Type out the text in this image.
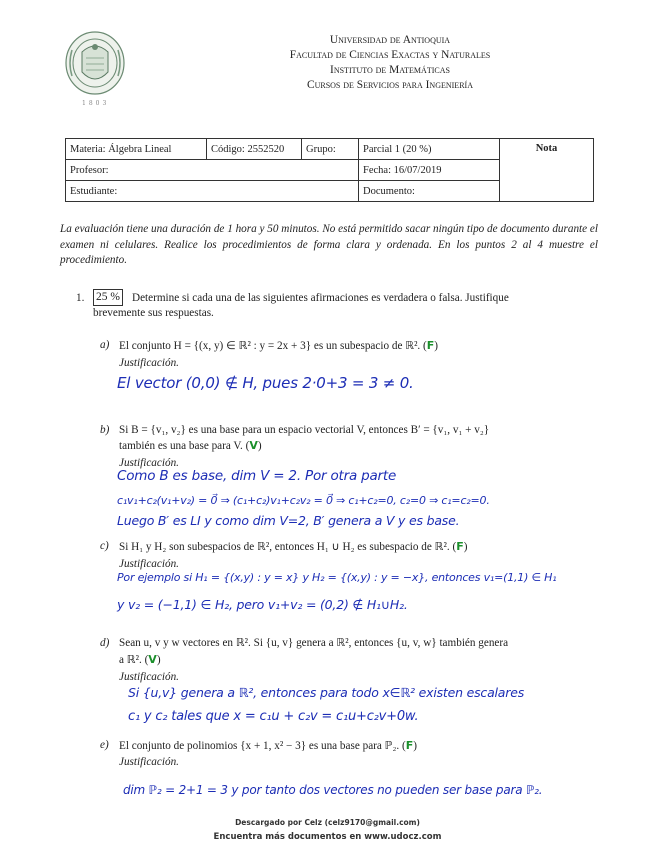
1803
Universidad de Antioquia
Facultad de Ciencias Exactas y Naturales
Instituto de Matemáticas
Cursos de Servicios para Ingeniería
Materia: Álgebra Lineal	Código: 2552520	Grupo:	Parcial 1 (20 %)	Nota
Profesor:			Fecha: 16/07/2019	
Estudiante:			Documento:	
La evaluación tiene una duración de 1 hora y 50 minutos. No está permitido sacar ningún tipo de documento durante el examen ni celulares. Realice los procedimientos de forma clara y ordenada. En los puntos 2 al 4 muestre el procedimiento.
1. 25 % Determine si cada una de las siguientes afirmaciones es verdadera o falsa. Justifique
brevemente sus respuestas.
a) El conjunto H = {(x, y) ∈ ℝ² : y = 2x + 3} es un subespacio de ℝ². (F)
Justificación.
El vector (0,0) ∉ H, pues 2·0+3 = 3 ≠ 0.
b) Si B = {v₁, v₂} es una base para un espacio vectorial V, entonces B′ = {v₁, v₁ + v₂}
también es una base para V. (V)
Justificación.
Como B es base, dim V = 2. Por otra parte
c₁v₁+c₂(v₁+v₂) = 0⃗ ⇒ (c₁+c₂)v₁+c₂v₂ = 0⃗ ⇒ c₁+c₂=0, c₂=0 ⇒ c₁=c₂=0.
Luego B′ es LI y como dim V=2, B′ genera a V y es base.
c) Si H₁ y H₂ son subespacios de ℝ², entonces H₁ ∪ H₂ es subespacio de ℝ². (F)
Justificación.
Por ejemplo si H₁ = {(x,y) : y = x} y H₂ = {(x,y) : y = −x}, entonces v₁=(1,1) ∈ H₁
y v₂ = (−1,1) ∈ H₂, pero v₁+v₂ = (0,2) ∉ H₁∪H₂.
d) Sean u, v y w vectores en ℝ². Si {u, v} genera a ℝ², entonces {u, v, w} también genera
a ℝ². (V)
Justificación.
Si {u,v} genera a ℝ², entonces para todo x∈ℝ² existen escalares
c₁ y c₂ tales que x = c₁u + c₂v = c₁u+c₂v+0w.
e) El conjunto de polinomios {x + 1, x² − 3} es una base para ℙ₂. (F)
Justificación.
dim ℙ₂ = 2+1 = 3 y por tanto dos vectores no pueden ser base para ℙ₂.
Descargado por Celz (celz9170@gmail.com)
Encuentra más documentos en www.udocz.com
